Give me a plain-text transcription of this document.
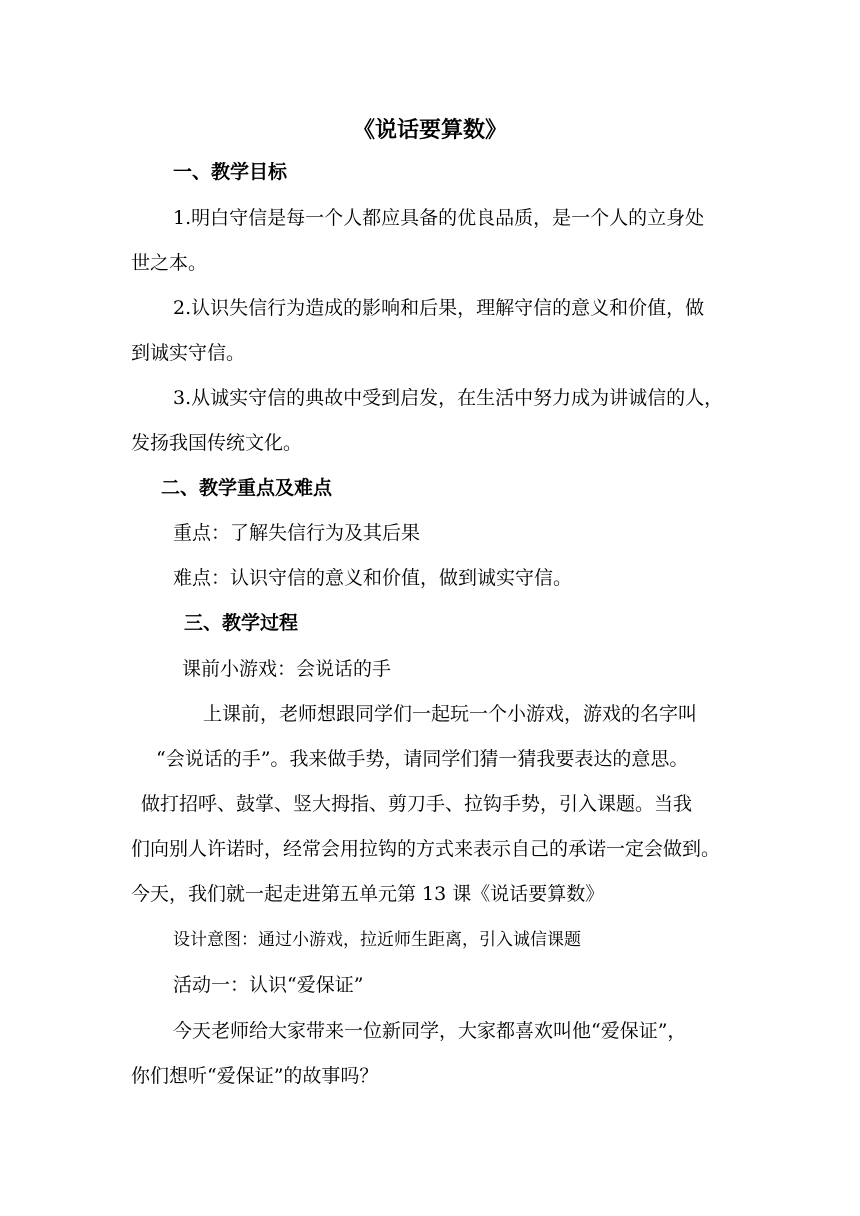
《说话要算数》
一、教学目标
1.明白守信是每一个人都应具备的优良品质，是一个人的立身处
世之本。
2.认识失信行为造成的影响和后果，理解守信的意义和价值，做
到诚实守信。
3.从诚实守信的典故中受到启发，在生活中努力成为讲诚信的人，
发扬我国传统文化。
二、教学重点及难点
重点：了解失信行为及其后果
难点：认识守信的意义和价值，做到诚实守信。
三、教学过程
课前小游戏：会说话的手
上课前，老师想跟同学们一起玩一个小游戏，游戏的名字叫
“会说话的手”。我来做手势，请同学们猜一猜我要表达的意思。
做打招呼、鼓掌、竖大拇指、剪刀手、拉钩手势，引入课题。当我
们向别人许诺时，经常会用拉钩的方式来表示自己的承诺一定会做到。
今天，我们就一起走进第五单元第 13 课《说话要算数》
设计意图：通过小游戏，拉近师生距离，引入诚信课题
活动一：认识“爱保证”
今天老师给大家带来一位新同学，大家都喜欢叫他“爱保证”，
你们想听“爱保证”的故事吗？
